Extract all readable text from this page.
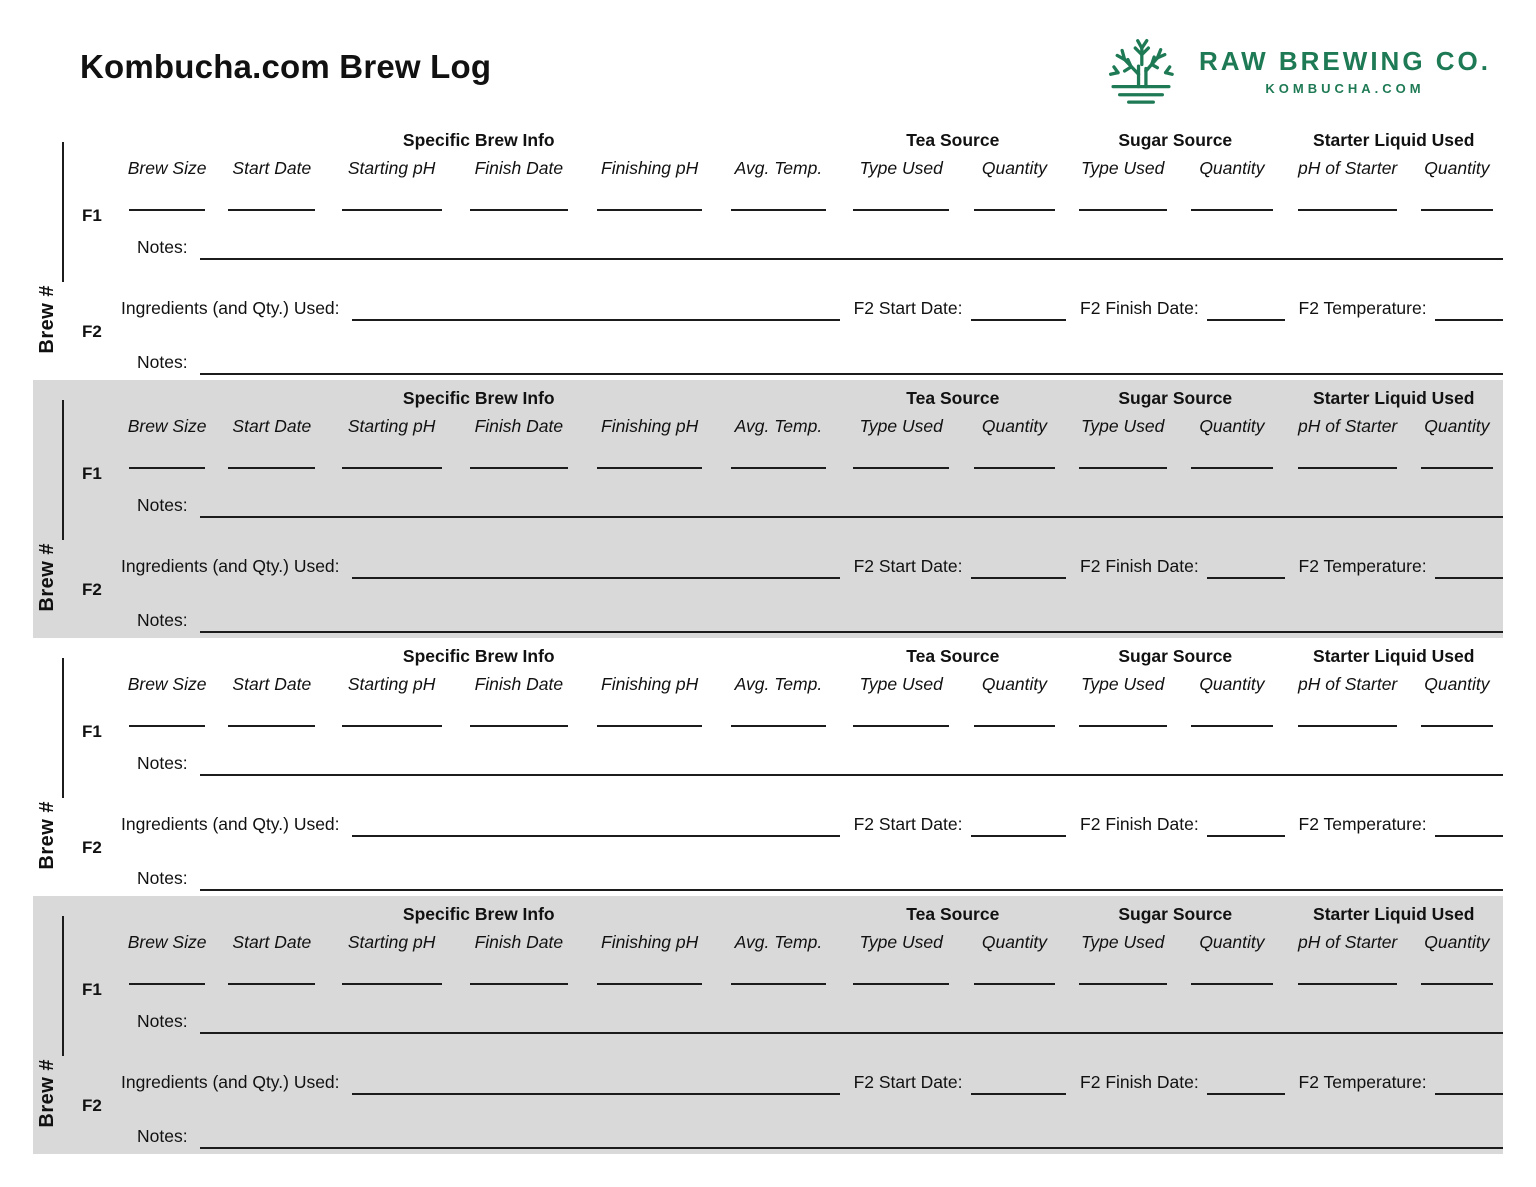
Kombucha.com Brew Log	RAW BREWING CO.
KOMBUCHA.COM
Brew #
F1
F2
Specific Brew Info	Tea Source	Sugar Source	Starter Liquid Used
Brew Size	Start Date	Starting pH	Finish Date	Finishing pH	Avg. Temp.	Type Used	Quantity	Type Used	Quantity	pH of Starter	Quantity
Notes:
Ingredients (and Qty.) Used:	F2 Start Date:	F2 Finish Date:	F2 Temperature:
Notes:
Brew #
F1
F2
Specific Brew Info	Tea Source	Sugar Source	Starter Liquid Used
Brew Size	Start Date	Starting pH	Finish Date	Finishing pH	Avg. Temp.	Type Used	Quantity	Type Used	Quantity	pH of Starter	Quantity
Notes:
Ingredients (and Qty.) Used:	F2 Start Date:	F2 Finish Date:	F2 Temperature:
Notes:
Brew #
F1
F2
Specific Brew Info	Tea Source	Sugar Source	Starter Liquid Used
Brew Size	Start Date	Starting pH	Finish Date	Finishing pH	Avg. Temp.	Type Used	Quantity	Type Used	Quantity	pH of Starter	Quantity
Notes:
Ingredients (and Qty.) Used:	F2 Start Date:	F2 Finish Date:	F2 Temperature:
Notes:
Brew #
F1
F2
Specific Brew Info	Tea Source	Sugar Source	Starter Liquid Used
Brew Size	Start Date	Starting pH	Finish Date	Finishing pH	Avg. Temp.	Type Used	Quantity	Type Used	Quantity	pH of Starter	Quantity
Notes:
Ingredients (and Qty.) Used:	F2 Start Date:	F2 Finish Date:	F2 Temperature:
Notes:
